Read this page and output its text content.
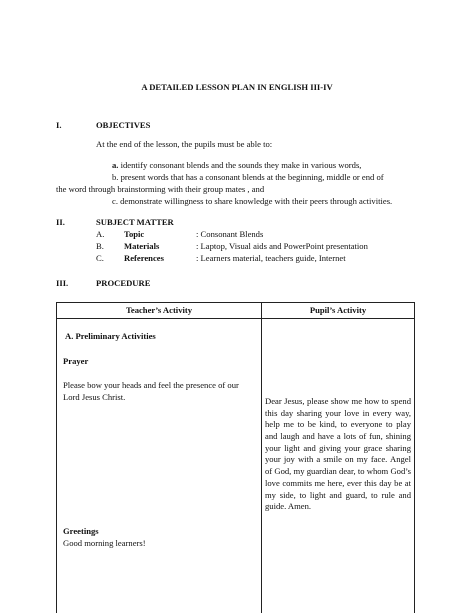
A DETAILED LESSON PLAN IN ENGLISH III-IV
I.	OBJECTIVES
At the end of the lesson, the pupils must be able to:
a. identify consonant blends and the sounds they make in various words,
b. present words that has a consonant blends at the beginning, middle or end of
the word through brainstorming with their group mates , and
c. demonstrate willingness to share knowledge with their peers through activities.
II.	SUBJECT MATTER
A. Topic	: Consonant Blends
B. Materials	: Laptop, Visual aids and PowerPoint presentation
C. References	: Learners material, teachers guide, Internet
III.	PROCEDURE
Teacher’s Activity	Pupil’s Activity
A. Preliminary Activities
Prayer
Please bow your heads and feel the presence of our
Lord Jesus Christ.	Dear Jesus, please show me how to spend this day sharing your love in every way, help me to be kind, to everyone to play and laugh and have a lots of fun, shining your light and giving your grace sharing your joy with a smile on my face. Angel of God, my guardian dear, to whom God’s love commits me here, ever this day be at my side, to light and guard, to rule and guide. Amen.
Greetings
Good morning learners!
